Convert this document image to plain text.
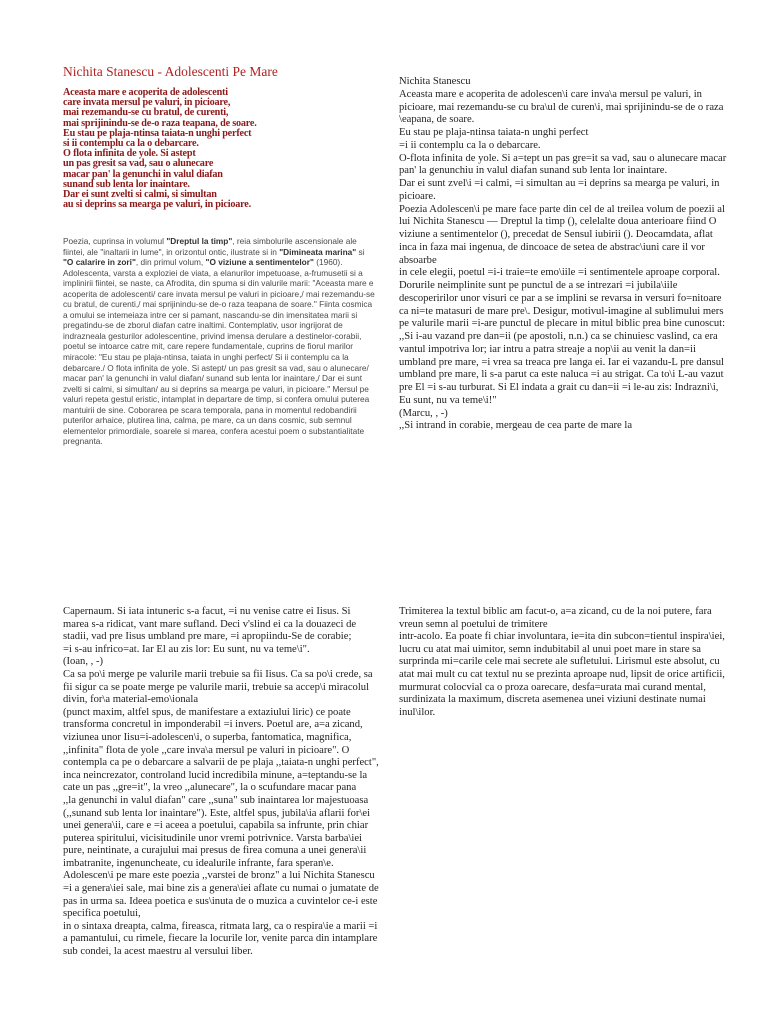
Nichita Stanescu - Adolescenti Pe Mare
Aceasta mare e acoperita de adolescenti
care invata mersul pe valuri, in picioare,
mai rezemandu-se cu bratul, de curenti,
mai sprijinindu-se de-o raza teapana, de soare.
Eu stau pe plaja-ntinsa taiata-n unghi perfect
si ii contemplu ca la o debarcare.
O flota infinita de yole. Si astept
un pas gresit sa vad, sau o alunecare
macar pan' la genunchi in valul diafan
sunand sub lenta lor inaintare.
Dar ei sunt zvelti si calmi, si simultan
au si deprins sa mearga pe valuri, in picioare.
Poezia, cuprinsa in volumul "Dreptul la timp", reia simbolurile ascensionale ale fiintei, ale "inaltarii in lume", in orizontul ontic, ilustrate si in "Dimineata marina" si "O calarire in zori", din primul volum, "O viziune a sentimentelor" (1960). Adolescenta, varsta a exploziei de viata, a elanurilor impetuoase, a-frumusetii si a implinirii fiintei, se naste, ca Afrodita, din spuma si din valurile marii: "Aceasta mare e acoperita de adolescenti/ care invata mersul pe valuri in picioare,/ mai rezemandu-se cu bratul, de curenti,/ mai sprijinindu-se de-o raza teapana de soare." Fiinta cosmica a omului se intemeiaza intre cer si pamant, nascandu-se din imensitatea marii si pregatindu-se de zborul diafan catre inaltimi. Contemplativ, usor ingrijorat de indrazneala gesturilor adolescentine, privind imensa derulare a destinelor-corabii, poetul se intoarce catre mit, care repere fundamentale, cuprins de fiorul marilor miracole: "Eu stau pe plaja-ntinsa, taiata in unghi perfect/ Si ii contemplu ca la debarcare./ O flota infinita de yole. Si astept/ un pas gresit sa vad, sau o alunecare/ macar pan' la genunchi in valul diafan/ sunand sub lenta lor inaintare,/ Dar ei sunt zvelti si calmi, si simultan/ au si deprins sa mearga pe valuri, in picioare." Mersul pe valuri repeta gestul eristic, intamplat in departare de timp, si confera omului puterea mantuirii de sine. Coborarea pe scara temporala, pana in momentul redobandirii puterilor arhaice, plutirea lina, calma, pe mare, ca un dans cosmic, sub semnul elementelor primordiale, soarele si marea, confera acestui poem o substantialitate pregnanta.

Nichita Stanescu

Aceasta mare e acoperita de adolescen\i care inva\a mersul pe valuri, in picioare, mai rezemandu-se cu bra\ul de curen\i, mai sprijinindu-se de o raza \eapana, de soare.

Eu stau pe plaja-ntinsa taiata-n unghi perfect

=i ii contemplu ca la o debarcare.

O-flota infinita de yole. Si a=tept un pas gre=it sa vad, sau o alunecare macar pan' la genunchiu in valul diafan sunand sub lenta lor inaintare.

Dar ei sunt zvel\i =i calmi, =i simultan au =i deprins sa mearga pe valuri, in picioare.

Poezia Adolescen\i pe mare face parte din cel de al treilea volum de poezii al lui Nichita Stanescu — Dreptul la timp (), celelalte doua anterioare fiind O viziune a sentimentelor (), precedat de Sensul iubirii (). Deocamdata, aflat inca in faza mai ingenua, de dincoace de setea de abstrac\iuni care il vor absoarbe

in cele elegii, poetul =i-i traie=te emo\iile =i sentimentele aproape corporal. Dorurile neimplinite sunt pe punctul de a se intrezari =i jubila\iile descoperirilor unor visuri ce par a se implini se revarsa in versuri fo=nitoare ca ni=te matasuri de mare pre\. Desigur, motivul-imagine al sublimului mers pe valurile marii =i-are punctul de plecare in mitul biblic prea bine cunoscut:

,,Si i-au vazand pre dan=ii (pe apostoli, n.n.) ca se chinuiesc vaslind, ca era vantul impotriva lor; iar intru a patra streaje a nop\ii au venit la dan=ii umbland pre mare, =i vrea sa treaca pre langa ei. Iar ei vazandu-L pre dansul umbland pre mare, li s-a parut ca este naluca =i au strigat. Ca to\i L-au vazut pre El =i s-au turburat. Si El indata a grait cu dan=ii =i le-au zis: Indrazni\i, Eu sunt, nu va teme\i!"

(Marcu, , -)

,,Si intrand in corabie, mergeau de cea parte de mare la

Capernaum. Si iata intuneric s-a facut, =i nu venise catre ei Iisus. Si marea s-a ridicat, vant mare sufland. Deci v'slind ei ca la douazeci de stadii, vad pre Iisus umbland pre mare, =i apropiindu-Se de corabie;

=i s-au infrico=at. Iar El au zis lor: Eu sunt, nu va teme\i".

(Ioan, , -)

Ca sa po\i merge pe valurile marii trebuie sa fii Iisus. Ca sa po\i crede, sa fii sigur ca se poate merge pe valurile marii, trebuie sa accep\i miracolul divin, for\a material-emo\ionala

(punct maxim, altfel spus, de manifestare a extaziului liric) ce poate transforma concretul in imponderabil =i invers. Poetul are, a=a zicand, viziunea unor Iisu=i-adolescen\i, o superba, fantomatica, magnifica, ,,infinita" flota de yole ,,care inva\a mersul pe valuri in picioare". O contempla ca pe o debarcare a salvarii de pe plaja ,,taiata-n unghi perfect", inca neincrezator, controland lucid incredibila minune, a=teptandu-se la cate un pas ,,gre=it", la vreo ,,alunecare", la o scufundare macar pana

,,la genunchi in valul diafan" care ,,suna" sub inaintarea lor majestuoasa (,,sunand sub lenta lor inaintare"). Este, altfel spus, jubila\ia aflarii for\ei unei genera\ii, care e =i aceea a poetului, capabila sa infrunte, prin chiar puterea spiritului, vicisitudinile unor vremi potrivnice. Varsta barba\iei pure, neintinate, a curajului mai presus de firea comuna a unei genera\ii imbatranite, ingenuncheate, cu idealurile infrante, fara speran\e.

Adolescen\i pe mare este poezia ,,varstei de bronz" a lui Nichita Stanescu =i a genera\iei sale, mai bine zis a genera\iei aflate cu numai o jumatate de pas in urma sa. Ideea poetica e sus\inuta de o muzica a cuvintelor ce-i este specifica poetului,

in o sintaxa dreapta, calma, fireasca, ritmata larg, ca o respira\ie a marii =i a pamantului, cu rimele, fiecare la locurile lor, venite parca din intamplare sub condei, la acest maestru al versului liber.

Trimiterea la textul biblic am facut-o, a=a zicand, cu de la noi putere, fara vreun semn al poetului de trimitere

intr-acolo. Ea poate fi chiar involuntara, ie=ita din subcon=tientul inspira\iei, lucru cu atat mai uimitor, semn indubitabil al unui poet mare in stare sa surprinda mi=carile cele mai secrete ale sufletului. Lirismul este absolut, cu atat mai mult cu cat textul nu se prezinta aproape nud, lipsit de orice artificii, murmurat colocvial ca o proza oarecare, desfa=urata mai curand mental, surdinizata la maximum, discreta asemenea unei viziuni destinate numai inul\ilor.
